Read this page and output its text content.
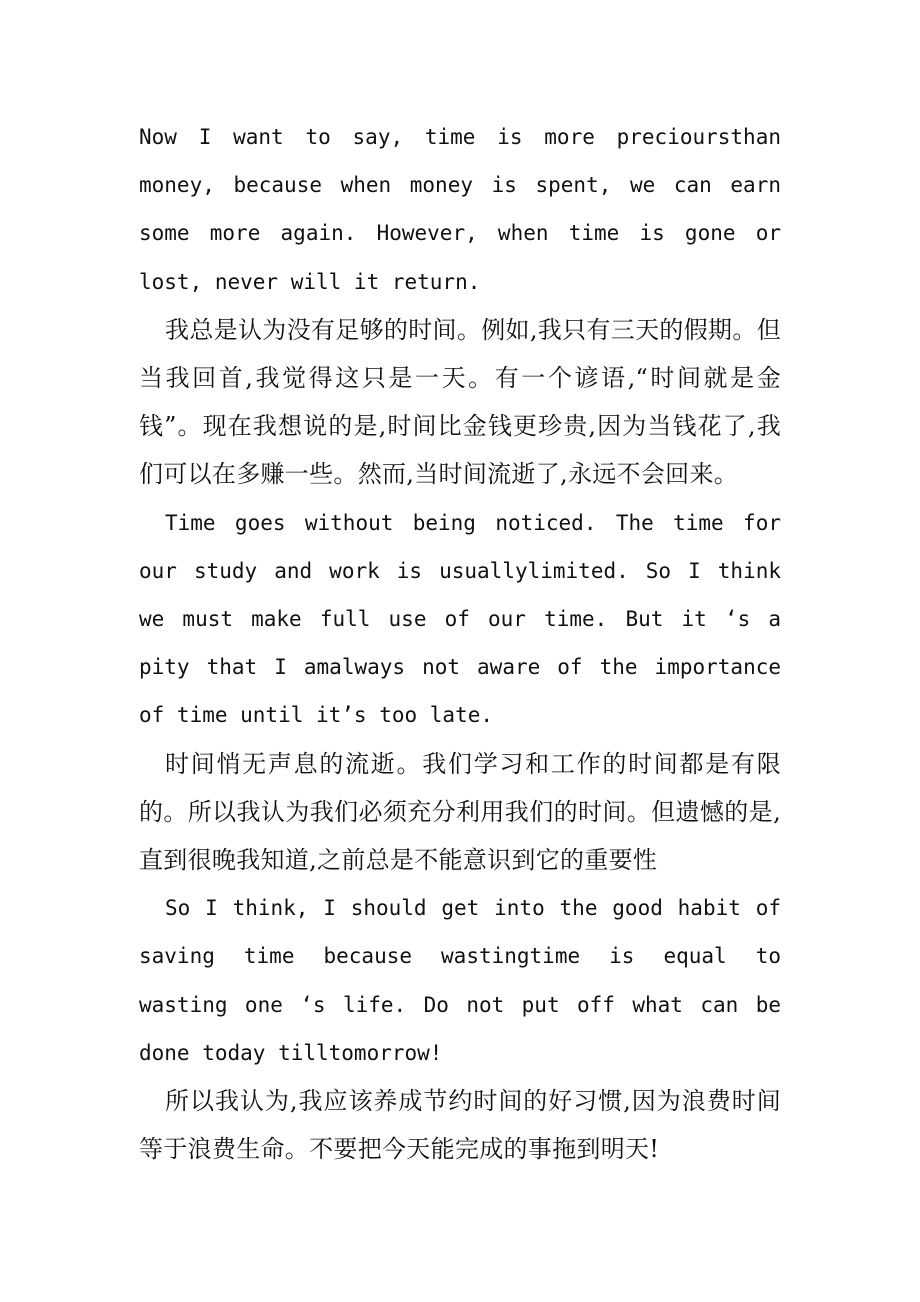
Now I want to say, time is more precioursthan money, because when money is spent, we can earn some more again. However, when time is gone or lost, never will it return.

我总是认为没有足够的时间。例如,我只有三天的假期。但当我回首,我觉得这只是一天。有一个谚语,“时间就是金钱”。现在我想说的是,时间比金钱更珍贵,因为当钱花了,我们可以在多赚一些。然而,当时间流逝了,永远不会回来。

Time goes without being noticed. The time for our study and work is usuallylimited. So I think we must make full use of our time. But it ‘s a pity that I amalways not aware of the importance of time until it’s too late.

时间悄无声息的流逝。我们学习和工作的时间都是有限的。所以我认为我们必须充分利用我们的时间。但遗憾的是,直到很晚我知道,之前总是不能意识到它的重要性

So I think, I should get into the good habit of saving time because wastingtime is equal to wasting one ‘s life. Do not put off what can be done today tilltomorrow!

所以我认为,我应该养成节约时间的好习惯,因为浪费时间等于浪费生命。不要把今天能完成的事拖到明天!
